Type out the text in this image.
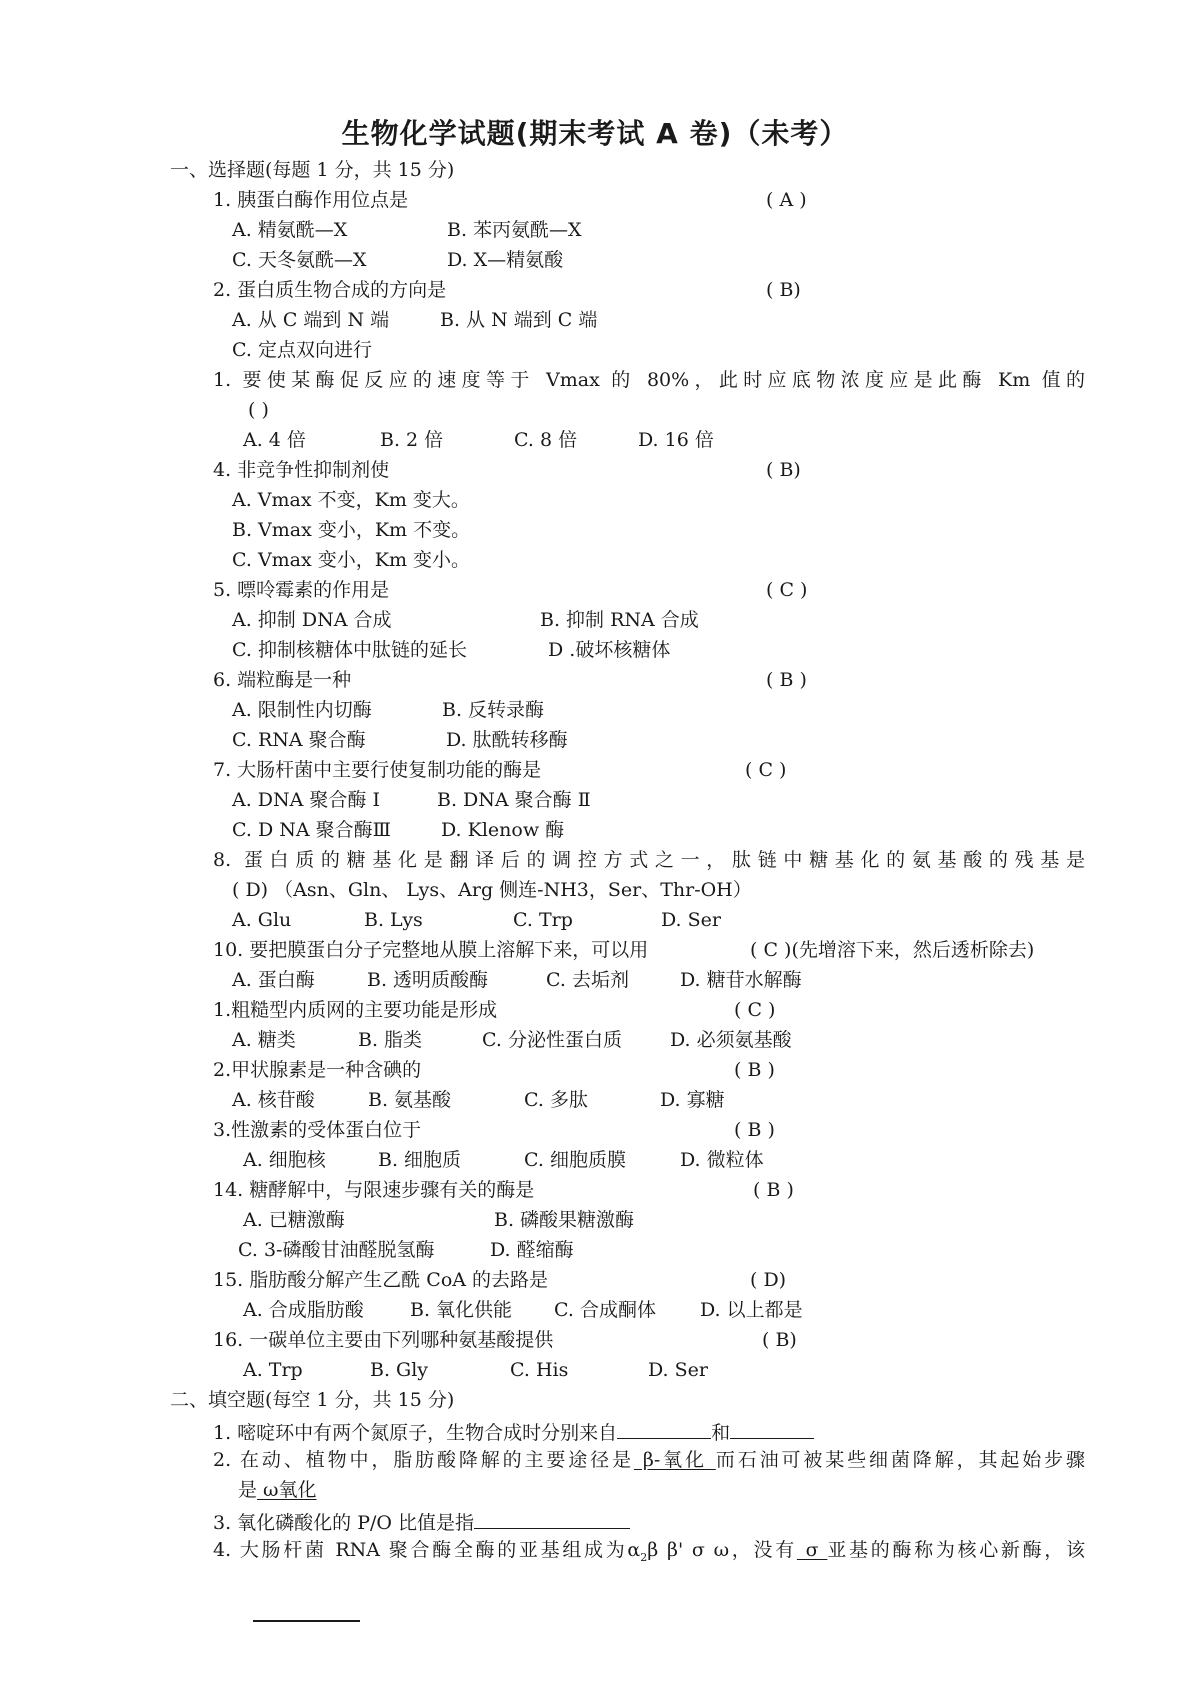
生物化学试题(期末考试 A 卷)（未考）
一、选择题(每题 1 分，共 15 分)
1. 胰蛋白酶作用位点是	( A )
A. 精氨酰—X	B. 苯丙氨酰—X
C. 天冬氨酰—X	D. X—精氨酸
2. 蛋白质生物合成的方向是	( B)
A. 从 C 端到 N 端	B. 从 N 端到 C 端
C. 定点双向进行
1. 要使某酶促反应的速度等于 Vmax 的 80%，此时应底物浓度应是此酶 Km 值的
( )
A. 4 倍	B. 2 倍	C. 8 倍	D. 16 倍
4. 非竞争性抑制剂使	( B)
A. Vmax 不变，Km 变大。
B. Vmax 变小，Km 不变。
C. Vmax 变小，Km 变小。
5. 嘌呤霉素的作用是	( C )
A. 抑制 DNA 合成	B. 抑制 RNA 合成
C. 抑制核糖体中肽链的延长	D .破坏核糖体
6. 端粒酶是一种	( B )
A. 限制性内切酶	B. 反转录酶
C. RNA 聚合酶	D. 肽酰转移酶
7. 大肠杆菌中主要行使复制功能的酶是	( C )
A. DNA 聚合酶 I	B. DNA 聚合酶 Ⅱ
C. D NA 聚合酶Ⅲ	D. Klenow 酶
8. 蛋白质的糖基化是翻译后的调控方式之一，肽链中糖基化的氨基酸的残基是
( D) （Asn、Gln、 Lys、Arg 侧连-NH3，Ser、Thr-OH）
A. Glu	B. Lys	C. Trp	D. Ser
10. 要把膜蛋白分子完整地从膜上溶解下来，可以用	( C )(先增溶下来，然后透析除去)
A. 蛋白酶	B. 透明质酸酶	C. 去垢剂	D. 糖苷水解酶
1.粗糙型内质网的主要功能是形成	( C )
A. 糖类	B. 脂类	C. 分泌性蛋白质	D. 必须氨基酸
2.甲状腺素是一种含碘的	( B )
A. 核苷酸	B. 氨基酸	C. 多肽	D. 寡糖
3.性激素的受体蛋白位于	( B )
A. 细胞核	B. 细胞质	C. 细胞质膜	D. 微粒体
14. 糖酵解中，与限速步骤有关的酶是	( B )
A. 已糖激酶	B. 磷酸果糖激酶
C. 3-磷酸甘油醛脱氢酶	D. 醛缩酶
15. 脂肪酸分解产生乙酰 CoA 的去路是	( D)
A. 合成脂肪酸 B. 氧化供能 C. 合成酮体 D. 以上都是
16. 一碳单位主要由下列哪种氨基酸提供	( B)
A. Trp	B. Gly	C. His	D. Ser
二、填空题(每空 1 分，共 15 分)
1. 嘧啶环中有两个氮原子，生物合成时分别来自	和
2. 在动、植物中，脂肪酸降解的主要途径是 β-氧化 而石油可被某些细菌降解，其起始步骤
是 ω氧化
3. 氧化磷酸化的 P/O 比值是指
4. 大肠杆菌 RNA 聚合酶全酶的亚基组成为$\alpha_2\beta$ β' σ ω，没有 σ 亚基的酶称为核心新酶，该
